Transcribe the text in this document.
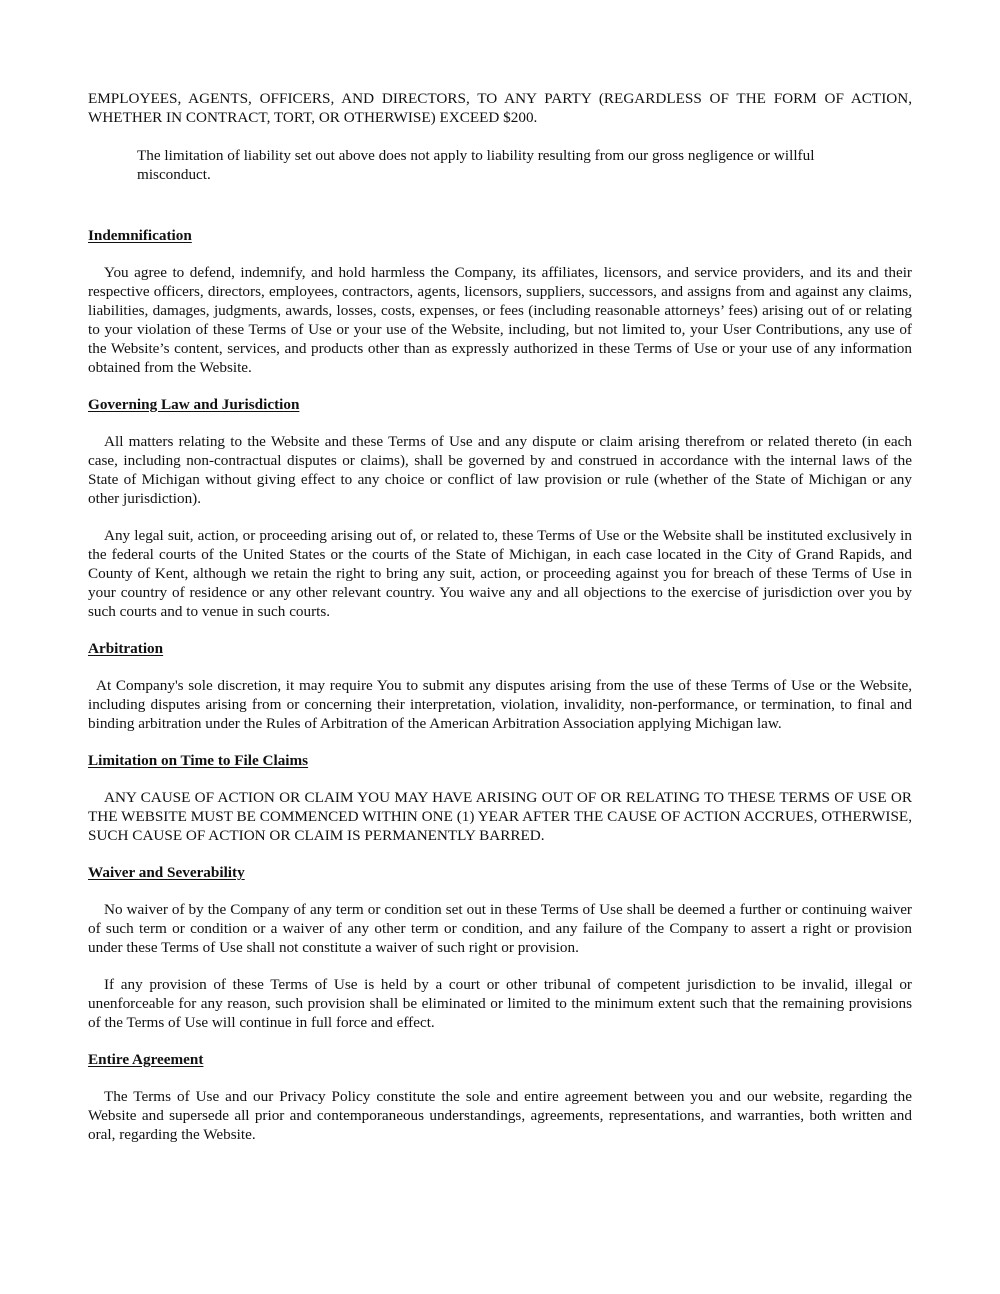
EMPLOYEES, AGENTS, OFFICERS, AND DIRECTORS, TO ANY PARTY (REGARDLESS OF THE FORM OF ACTION, WHETHER IN CONTRACT, TORT, OR OTHERWISE) EXCEED $200.

The limitation of liability set out above does not apply to liability resulting from our gross negligence or willful misconduct.

Indemnification

You agree to defend, indemnify, and hold harmless the Company, its affiliates, licensors, and service providers, and its and their respective officers, directors, employees, contractors, agents, licensors, suppliers, successors, and assigns from and against any claims, liabilities, damages, judgments, awards, losses, costs, expenses, or fees (including reasonable attorneys’ fees) arising out of or relating to your violation of these Terms of Use or your use of the Website, including, but not limited to, your User Contributions, any use of the Website’s content, services, and products other than as expressly authorized in these Terms of Use or your use of any information obtained from the Website.

Governing Law and Jurisdiction

All matters relating to the Website and these Terms of Use and any dispute or claim arising therefrom or related thereto (in each case, including non-contractual disputes or claims), shall be governed by and construed in accordance with the internal laws of the State of Michigan without giving effect to any choice or conflict of law provision or rule (whether of the State of Michigan or any other jurisdiction).

Any legal suit, action, or proceeding arising out of, or related to, these Terms of Use or the Website shall be instituted exclusively in the federal courts of the United States or the courts of the State of Michigan, in each case located in the City of Grand Rapids, and County of Kent, although we retain the right to bring any suit, action, or proceeding against you for breach of these Terms of Use in your country of residence or any other relevant country. You waive any and all objections to the exercise of jurisdiction over you by such courts and to venue in such courts.

Arbitration

At Company's sole discretion, it may require You to submit any disputes arising from the use of these Terms of Use or the Website, including disputes arising from or concerning their interpretation, violation, invalidity, non-performance, or termination, to final and binding arbitration under the Rules of Arbitration of the American Arbitration Association applying Michigan law.

Limitation on Time to File Claims

ANY CAUSE OF ACTION OR CLAIM YOU MAY HAVE ARISING OUT OF OR RELATING TO THESE TERMS OF USE OR THE WEBSITE MUST BE COMMENCED WITHIN ONE (1) YEAR AFTER THE CAUSE OF ACTION ACCRUES, OTHERWISE, SUCH CAUSE OF ACTION OR CLAIM IS PERMANENTLY BARRED.

Waiver and Severability

No waiver of by the Company of any term or condition set out in these Terms of Use shall be deemed a further or continuing waiver of such term or condition or a waiver of any other term or condition, and any failure of the Company to assert a right or provision under these Terms of Use shall not constitute a waiver of such right or provision.

If any provision of these Terms of Use is held by a court or other tribunal of competent jurisdiction to be invalid, illegal or unenforceable for any reason, such provision shall be eliminated or limited to the minimum extent such that the remaining provisions of the Terms of Use will continue in full force and effect.

Entire Agreement

The Terms of Use and our Privacy Policy constitute the sole and entire agreement between you and our website, regarding the Website and supersede all prior and contemporaneous understandings, agreements, representations, and warranties, both written and oral, regarding the Website.
